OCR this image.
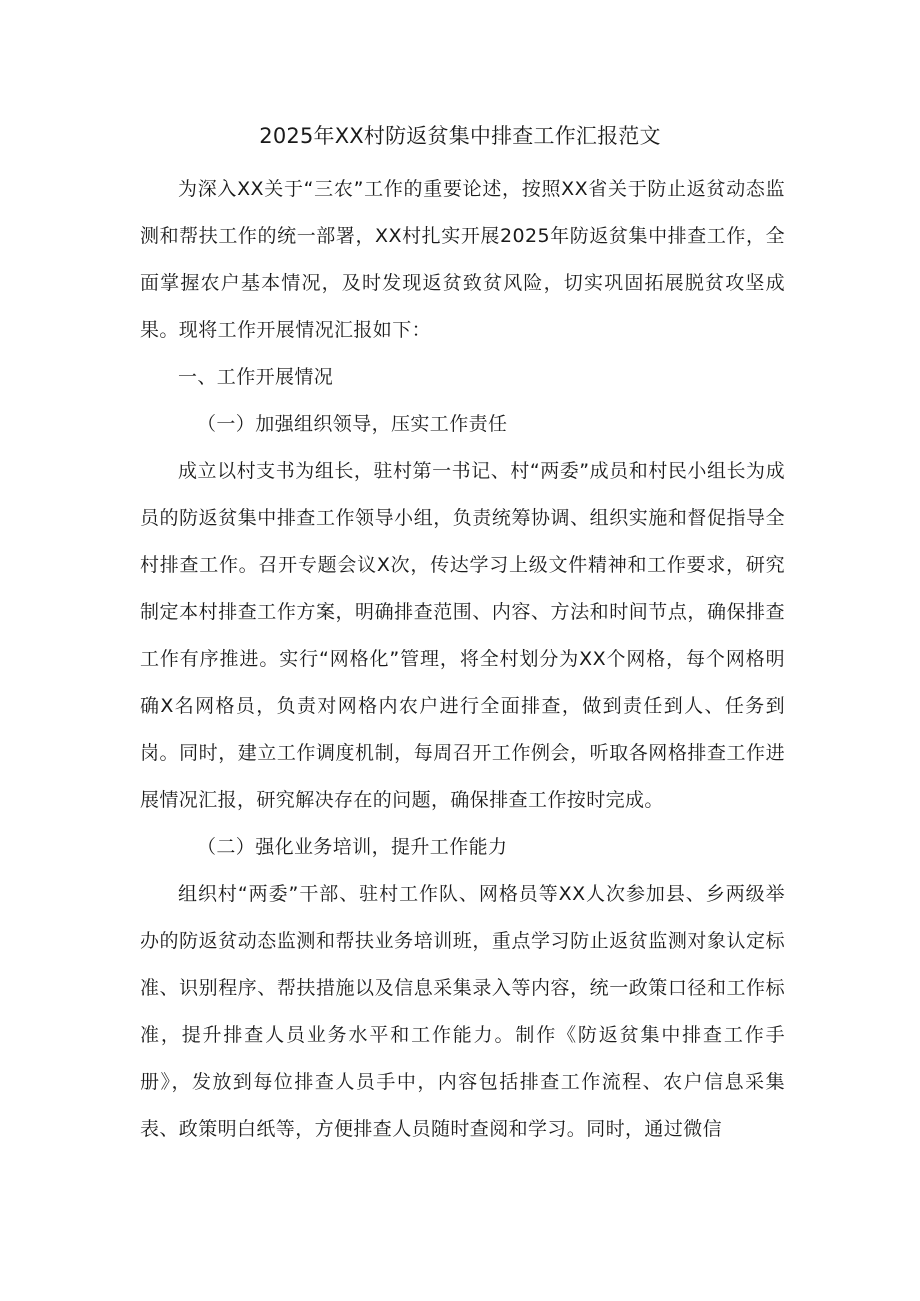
2025年XX村防返贫集中排查工作汇报范文

为深入XX关于“三农”工作的重要论述，按照XX省关于防止返贫动态监测和帮扶工作的统一部署，XX村扎实开展2025年防返贫集中排查工作，全面掌握农户基本情况，及时发现返贫致贫风险，切实巩固拓展脱贫攻坚成果。现将工作开展情况汇报如下：

一、工作开展情况

（一）加强组织领导，压实工作责任

成立以村支书为组长，驻村第一书记、村“两委”成员和村民小组长为成员的防返贫集中排查工作领导小组，负责统筹协调、组织实施和督促指导全村排查工作。召开专题会议X次，传达学习上级文件精神和工作要求，研究制定本村排查工作方案，明确排查范围、内容、方法和时间节点，确保排查工作有序推进。实行“网格化”管理，将全村划分为XX个网格，每个网格明确X名网格员，负责对网格内农户进行全面排查，做到责任到人、任务到岗。同时，建立工作调度机制，每周召开工作例会，听取各网格排查工作进展情况汇报，研究解决存在的问题，确保排查工作按时完成。

（二）强化业务培训，提升工作能力

组织村“两委”干部、驻村工作队、网格员等XX人次参加县、乡两级举办的防返贫动态监测和帮扶业务培训班，重点学习防止返贫监测对象认定标准、识别程序、帮扶措施以及信息采集录入等内容，统一政策口径和工作标准，提升排查人员业务水平和工作能力。制作《防返贫集中排查工作手册》，发放到每位排查人员手中，内容包括排查工作流程、农户信息采集表、政策明白纸等，方便排查人员随时查阅和学习。同时，通过微信
